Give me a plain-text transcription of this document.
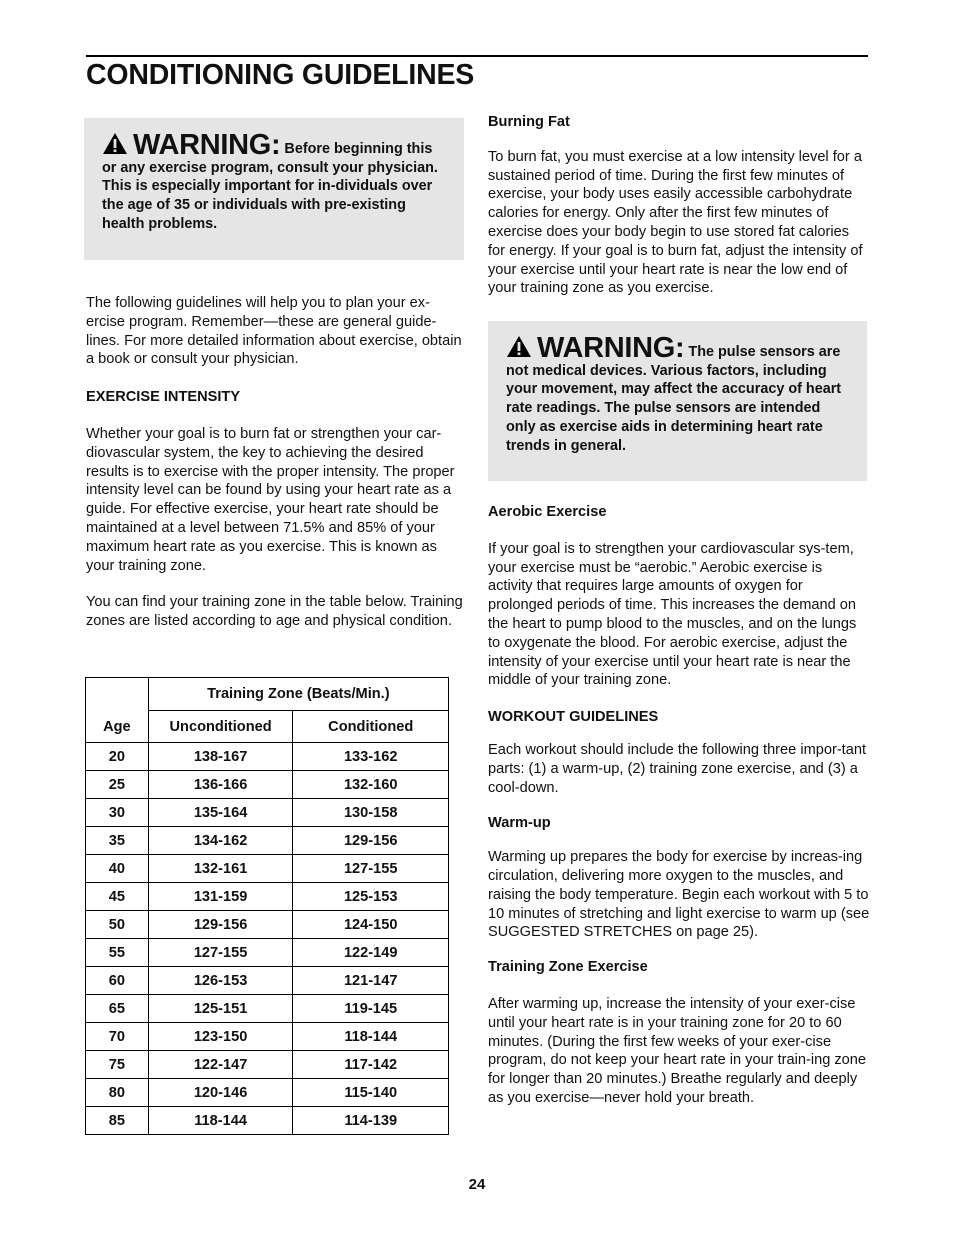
CONDITIONING GUIDELINES
WARNING: Before beginning this or any exercise program, consult your physician. This is especially important for in-dividuals over the age of 35 or individuals with pre-existing health problems.

The following guidelines will help you to plan your ex-ercise program. Remember—these are general guide-lines. For more detailed information about exercise, obtain a book or consult your physician.

EXERCISE INTENSITY

Whether your goal is to burn fat or strengthen your car-diovascular system, the key to achieving the desired results is to exercise with the proper intensity. The proper intensity level can be found by using your heart rate as a guide. For effective exercise, your heart rate should be maintained at a level between 71.5% and 85% of your maximum heart rate as you exercise. This is known as your training zone.

You can find your training zone in the table below. Training zones are listed according to age and physical condition.

Age	Training Zone (Beats/Min.)	
	Unconditioned	Conditioned
20	138-167	133-162
25	136-166	132-160
30	135-164	130-158
35	134-162	129-156
40	132-161	127-155
45	131-159	125-153
50	129-156	124-150
55	127-155	122-149
60	126-153	121-147
65	125-151	119-145
70	123-150	118-144
75	122-147	117-142
80	120-146	115-140
85	118-144	114-139

Burning Fat

To burn fat, you must exercise at a low intensity level for a sustained period of time. During the first few minutes of exercise, your body uses easily accessible carbohydrate calories for energy. Only after the first few minutes of exercise does your body begin to use stored fat calories for energy. If your goal is to burn fat, adjust the intensity of your exercise until your heart rate is near the low end of your training zone as you exercise.

WARNING: The pulse sensors are not medical devices. Various factors, including your movement, may affect the accuracy of heart rate readings. The pulse sensors are intended only as exercise aids in determining heart rate trends in general.

Aerobic Exercise

If your goal is to strengthen your cardiovascular sys-tem, your exercise must be “aerobic.” Aerobic exercise is activity that requires large amounts of oxygen for prolonged periods of time. This increases the demand on the heart to pump blood to the muscles, and on the lungs to oxygenate the blood. For aerobic exercise, adjust the intensity of your exercise until your heart rate is near the middle of your training zone.

WORKOUT GUIDELINES

Each workout should include the following three impor-tant parts: (1) a warm-up, (2) training zone exercise, and (3) a cool-down.

Warm-up

Warming up prepares the body for exercise by increas-ing circulation, delivering more oxygen to the muscles, and raising the body temperature. Begin each workout with 5 to 10 minutes of stretching and light exercise to warm up (see SUGGESTED STRETCHES on page 25).

Training Zone Exercise

After warming up, increase the intensity of your exer-cise until your heart rate is in your training zone for 20 to 60 minutes. (During the first few weeks of your exer-cise program, do not keep your heart rate in your train-ing zone for longer than 20 minutes.) Breathe regularly and deeply as you exercise—never hold your breath.

24
